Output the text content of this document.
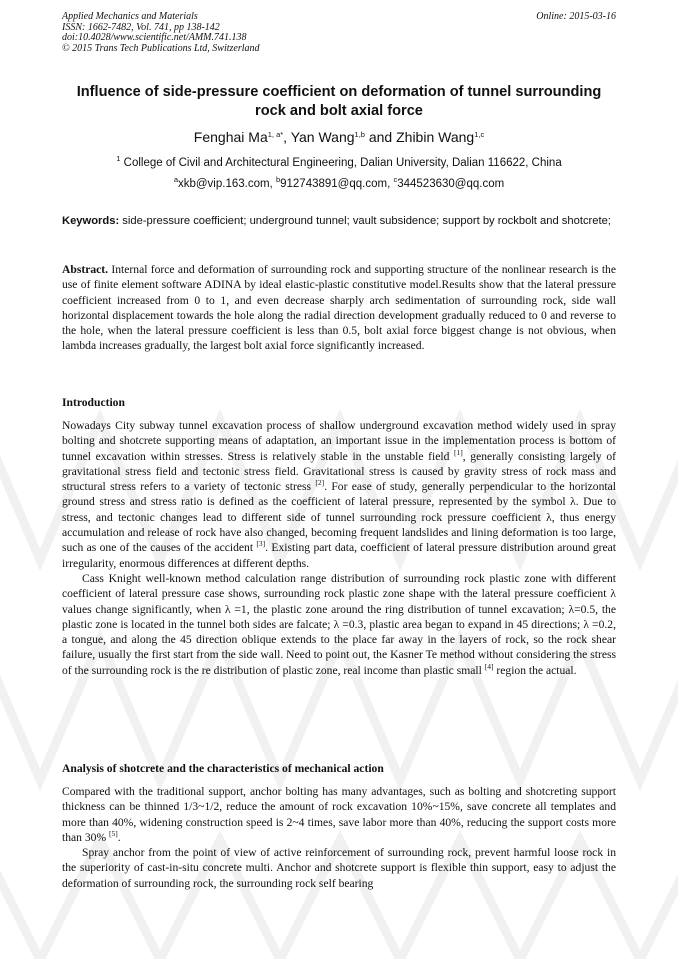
Applied Mechanics and Materials
ISSN: 1662-7482, Vol. 741, pp 138-142
doi:10.4028/www.scientific.net/AMM.741.138
© 2015 Trans Tech Publications Ltd, Switzerland
Online: 2015-03-16
Influence of side-pressure coefficient on deformation of tunnel surrounding rock and bolt axial force
Fenghai $Ma^{1, a*}$, Yan Wang$^{1,b}$ and Zhibin Wang$^{1,c}$
$^1$ College of Civil and Architectural Engineering, Dalian University, Dalian 116622, China
$^a$xkb@vip.163.com, $^b$912743891@qq.com, $^c$344523630@qq.com
Keywords: side-pressure coefficient; underground tunnel; vault subsidence; support by rockbolt and shotcrete;

Abstract. Internal force and deformation of surrounding rock and supporting structure of the nonlinear research is the use of finite element software ADINA by ideal elastic-plastic constitutive model.Results show that the lateral pressure coefficient increased from 0 to 1, and even decrease sharply arch sedimentation of surrounding rock, side wall horizontal displacement towards the hole along the radial direction development gradually reduced to 0 and reverse to the hole, when the lateral pressure coefficient is less than 0.5, bolt axial force biggest change is not obvious, when lambda increases gradually, the largest bolt axial force significantly increased.

Introduction

Nowadays City subway tunnel excavation process of shallow underground excavation method widely used in spray bolting and shotcrete supporting means of adaptation, an important issue in the implementation process is bottom of tunnel excavation within stresses. Stress is relatively stable in the unstable field [1], generally consisting largely of gravitational stress field and tectonic stress field. Gravitational stress is caused by gravity stress of rock mass and structural stress refers to a variety of tectonic stress [2]. For ease of study, generally perpendicular to the horizontal ground stress and stress ratio is defined as the coefficient of lateral pressure, represented by the symbol λ. Due to stress, and tectonic changes lead to different side of tunnel surrounding rock pressure coefficient λ, thus energy accumulation and release of rock have also changed, becoming frequent landslides and lining deformation is too large, such as one of the causes of the accident [3]. Existing part data, coefficient of lateral pressure distribution around great irregularity, enormous differences at different depths.

Cass Knight well-known method calculation range distribution of surrounding rock plastic zone with different coefficient of lateral pressure case shows, surrounding rock plastic zone shape with the lateral pressure coefficient λ values change significantly, when λ =1, the plastic zone around the ring distribution of tunnel excavation; λ=0.5, the plastic zone is located in the tunnel both sides are falcate; λ =0.3, plastic area began to expand in 45 directions; λ =0.2, a tongue, and along the 45 direction oblique extends to the place far away in the layers of rock, so the rock shear failure, usually the first start from the side wall. Need to point out, the Kasner Te method without considering the stress of the surrounding rock is the re distribution of plastic zone, real income than plastic small [4] region the actual.

Analysis of shotcrete and the characteristics of mechanical action

Compared with the traditional support, anchor bolting has many advantages, such as bolting and shotcreting support thickness can be thinned 1/3~1/2, reduce the amount of rock excavation 10%~15%, save concrete all templates and more than 40%, widening construction speed is 2~4 times, save labor more than 40%, reducing the support costs more than 30% [5].

Spray anchor from the point of view of active reinforcement of surrounding rock, prevent harmful loose rock in the superiority of cast-in-situ concrete multi. Anchor and shotcrete support is flexible thin support, easy to adjust the deformation of surrounding rock, the surrounding rock self bearing
